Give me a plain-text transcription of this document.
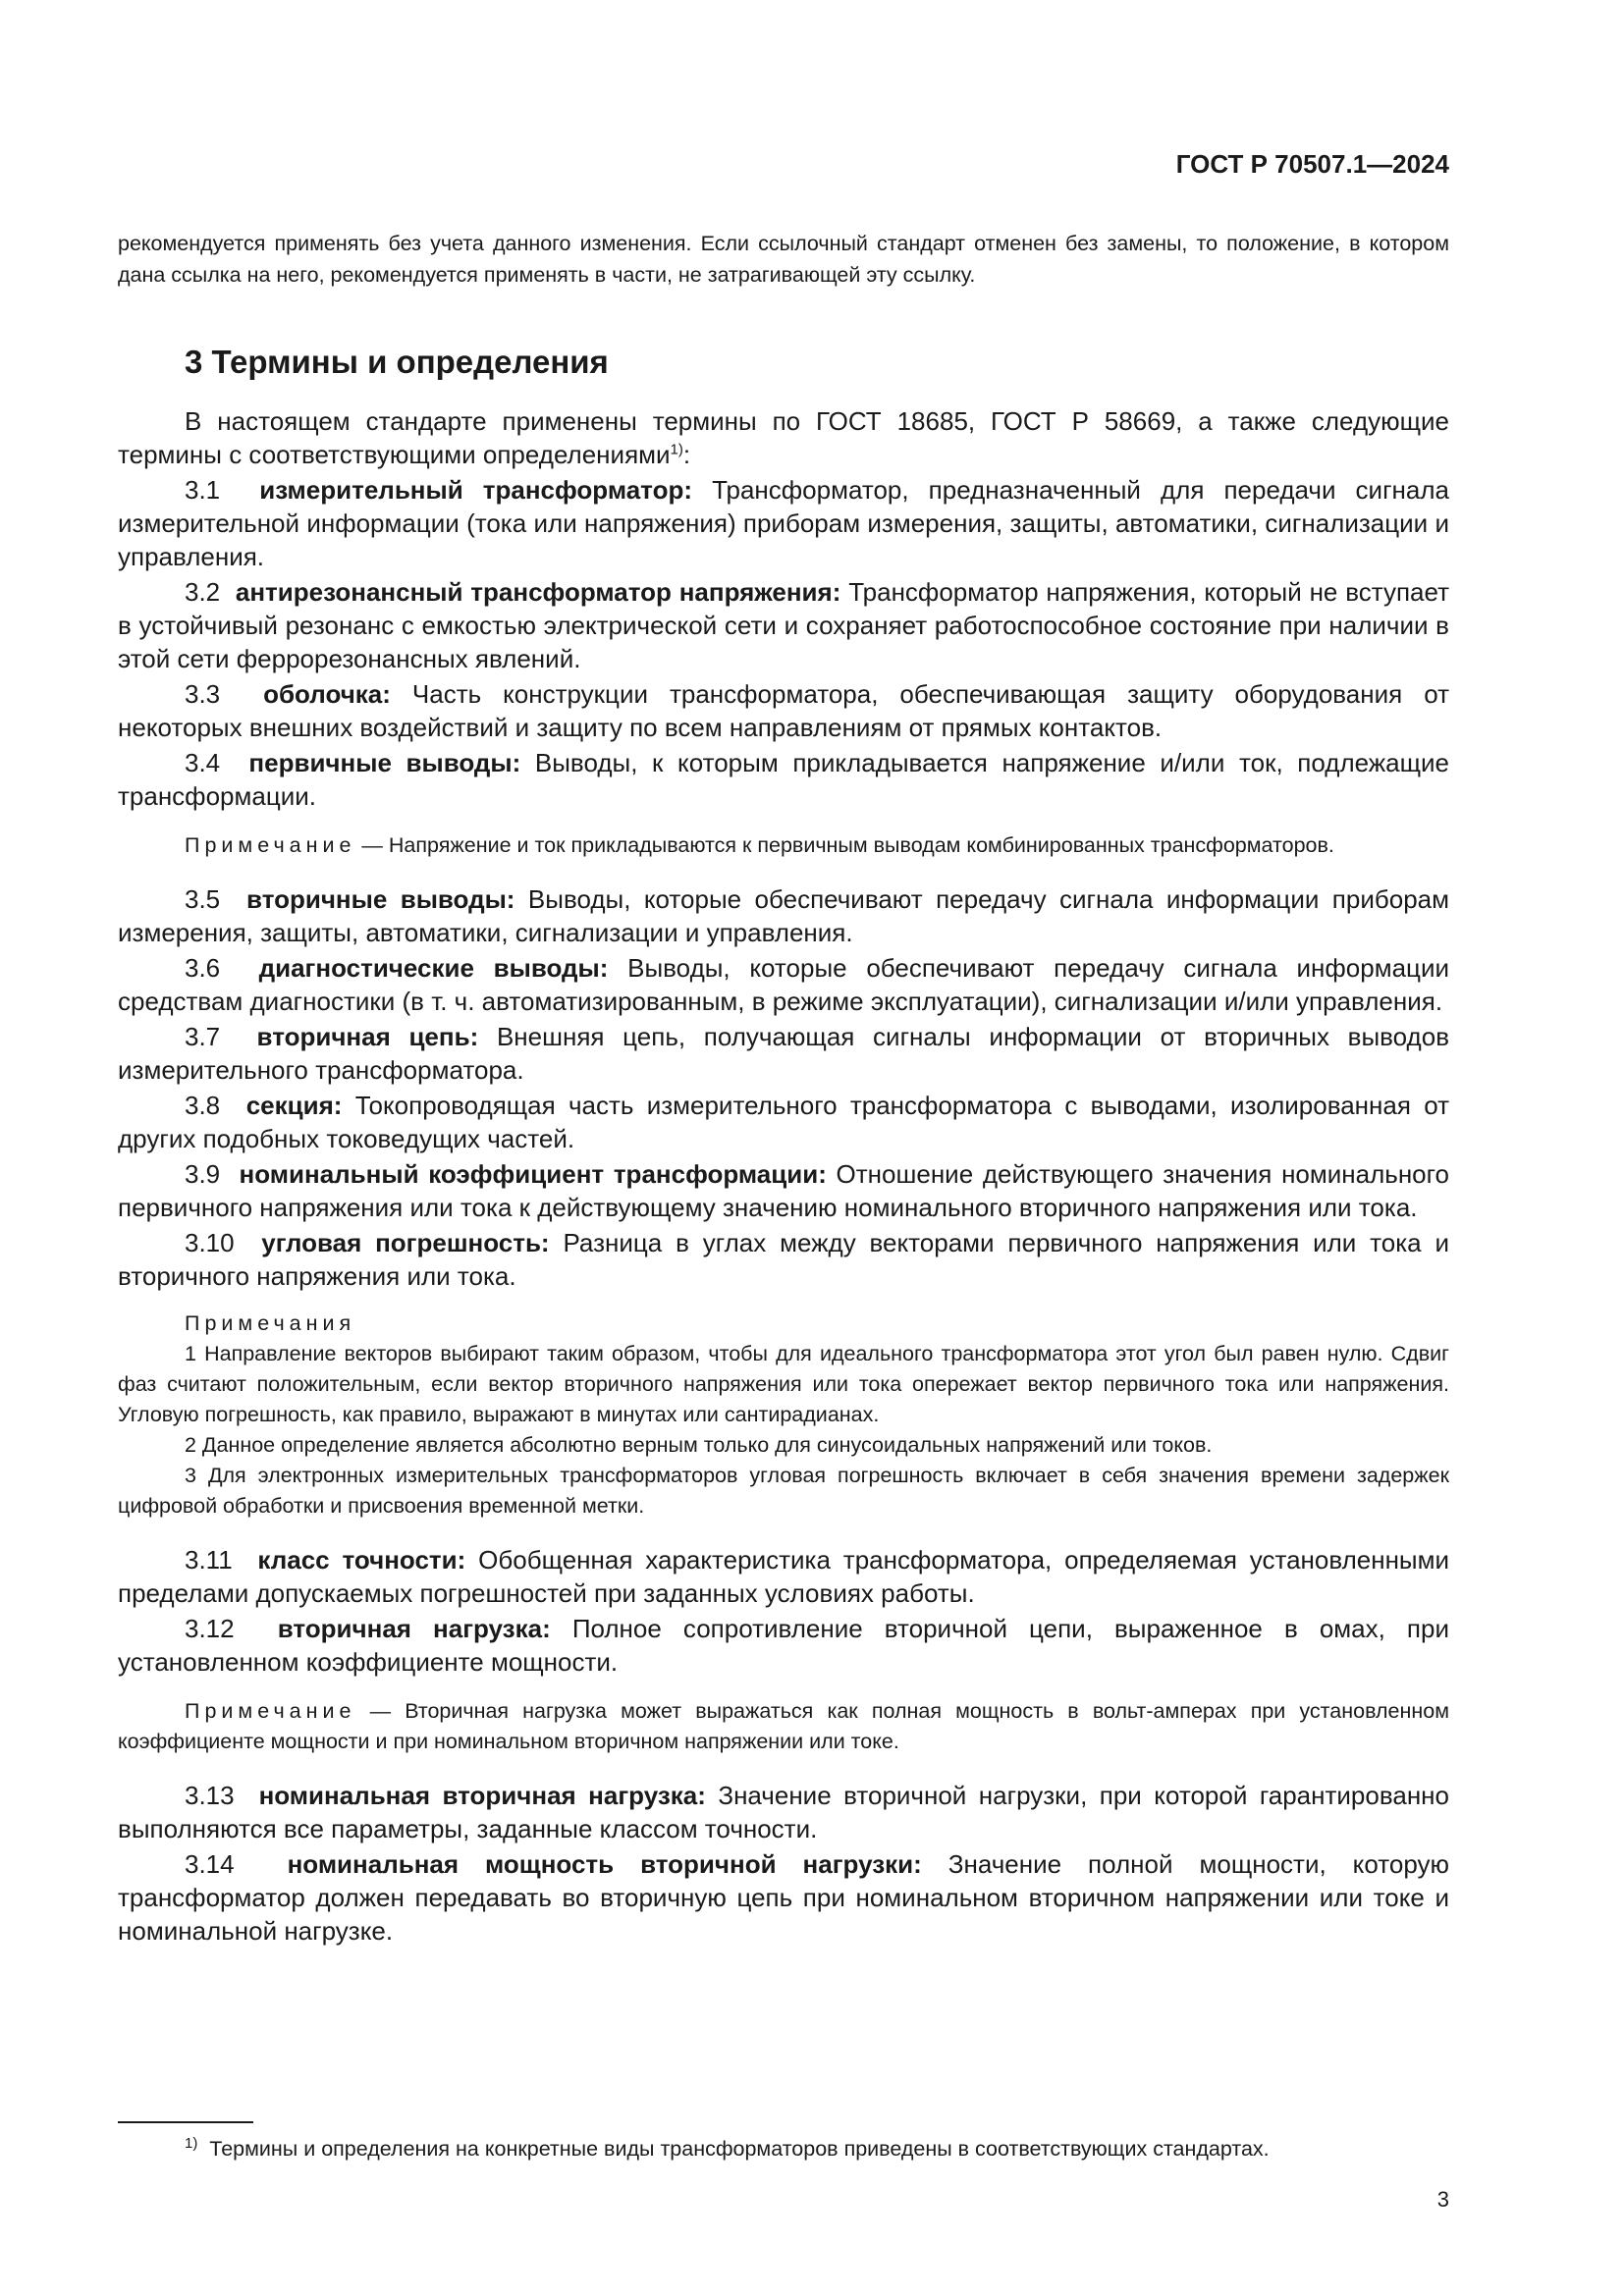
ГОСТ Р 70507.1—2024

рекомендуется применять без учета данного изменения. Если ссылочный стандарт отменен без замены, то положение, в котором дана ссылка на него, рекомендуется применять в части, не затрагивающей эту ссылку.

3 Термины и определения

В настоящем стандарте применены термины по ГОСТ 18685, ГОСТ Р 58669, а также следующие термины с соответствующими определениями$^{1)}$:

3.1 измерительный трансформатор: Трансформатор, предназначенный для передачи сигнала измерительной информации (тока или напряжения) приборам измерения, защиты, автоматики, сигнализации и управления.

3.2 антирезонансный трансформатор напряжения: Трансформатор напряжения, который не вступает в устойчивый резонанс с емкостью электрической сети и сохраняет работоспособное состояние при наличии в этой сети феррорезонансных явлений.

3.3 оболочка: Часть конструкции трансформатора, обеспечивающая защиту оборудования от некоторых внешних воздействий и защиту по всем направлениям от прямых контактов.

3.4 первичные выводы: Выводы, к которым прикладывается напряжение и/или ток, подлежащие трансформации.

Примечание — Напряжение и ток прикладываются к первичным выводам комбинированных трансформаторов.

3.5 вторичные выводы: Выводы, которые обеспечивают передачу сигнала информации приборам измерения, защиты, автоматики, сигнализации и управления.

3.6 диагностические выводы: Выводы, которые обеспечивают передачу сигнала информации средствам диагностики (в т. ч. автоматизированным, в режиме эксплуатации), сигнализации и/или управления.

3.7 вторичная цепь: Внешняя цепь, получающая сигналы информации от вторичных выводов измерительного трансформатора.

3.8 секция: Токопроводящая часть измерительного трансформатора с выводами, изолированная от других подобных токоведущих частей.

3.9 номинальный коэффициент трансформации: Отношение действующего значения номинального первичного напряжения или тока к действующему значению номинального вторичного напряжения или тока.

3.10 угловая погрешность: Разница в углах между векторами первичного напряжения или тока и вторичного напряжения или тока.

Примечания

1 Направление векторов выбирают таким образом, чтобы для идеального трансформатора этот угол был равен нулю. Сдвиг фаз считают положительным, если вектор вторичного напряжения или тока опережает вектор первичного тока или напряжения. Угловую погрешность, как правило, выражают в минутах или сантирадианах.

2 Данное определение является абсолютно верным только для синусоидальных напряжений или токов.

3 Для электронных измерительных трансформаторов угловая погрешность включает в себя значения времени задержек цифровой обработки и присвоения временной метки.

3.11 класс точности: Обобщенная характеристика трансформатора, определяемая установленными пределами допускаемых погрешностей при заданных условиях работы.

3.12 вторичная нагрузка: Полное сопротивление вторичной цепи, выраженное в омах, при установленном коэффициенте мощности.

Примечание — Вторичная нагрузка может выражаться как полная мощность в вольт-амперах при установленном коэффициенте мощности и при номинальном вторичном напряжении или токе.

3.13 номинальная вторичная нагрузка: Значение вторичной нагрузки, при которой гарантированно выполняются все параметры, заданные классом точности.

3.14 номинальная мощность вторичной нагрузки: Значение полной мощности, которую трансформатор должен передавать во вторичную цепь при номинальном вторичном напряжении или токе и номинальной нагрузке.

$^{1)}$ Термины и определения на конкретные виды трансформаторов приведены в соответствующих стандартах.
3
